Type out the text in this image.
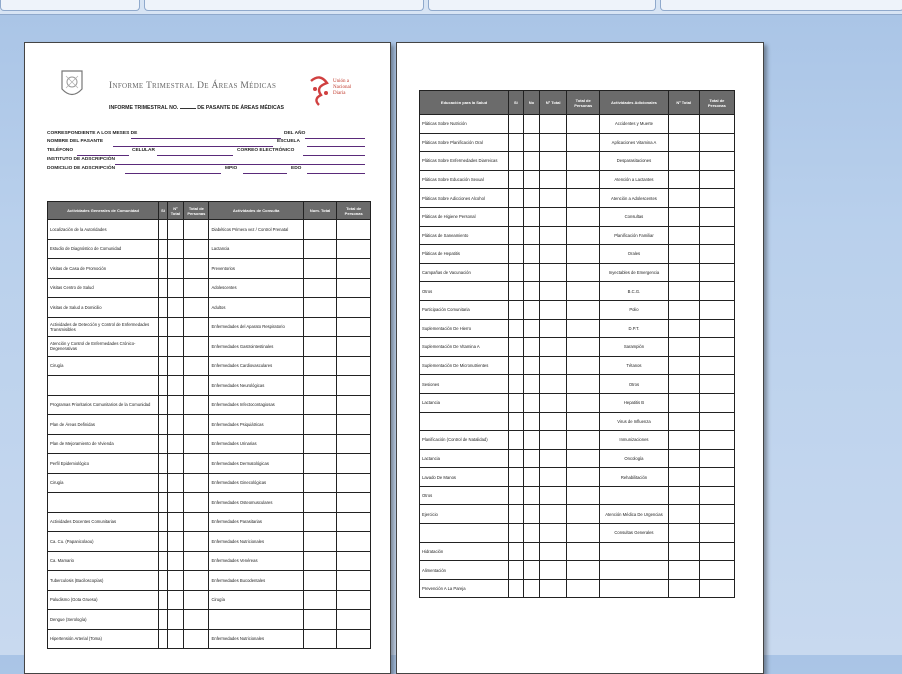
Informe Trimestral De Áreas Médicas	Unión a Nacional Diaria
INFORME TRIMESTRAL NO.	DE PASANTE DE ÁREAS MÉDICAS
CORRESPONDIENTE A LOS MESES DE	DEL AÑO
NOMBRE DEL PASANTE	ESCUELA
TELÉFONO	CELULAR	CORREO ELECTRÓNICO
INSTITUTO DE ADSCRIPCIÓN
DOMICILIO DE ADSCRIPCIÓN	MPIO	EDO
Actividades Generales de Comunidad	Si	Nº Total	Total de Personas	Actividades de Consulta	Num. Total	Total de Personas
Localización de la Autoridades				Diabéticos Primera vez / Control Prenatal		
Estudio de Diagnóstico de Comunidad				Lactancia		
Visitas de Casa de Promoción				Preventorios		
Visitas Centro de Salud				Adolescentes		
Visitas de Salud a Domicilio				Adultos		
Actividades de Detección y Control de Enfermedades Transmisibles				Enfermedades del Aparato Respiratorio		
Atención y Control de Enfermedades Crónico-Degenerativas				Enfermedades Gastrointestinales		
Cirugía				Enfermedades Cardiovasculares		
				Enfermedades Neurológicas		
Programas Prioritarios Comunitarios de la Comunidad				Enfermedades Infectocontagiosas		
Plan de Áreas Definidas				Enfermedades Psiquiátricas		
Plan de Mejoramiento de Vivienda				Enfermedades Urinarias		
Perfil Epidemiológico				Enfermedades Dermatológicas		
Cirugía				Enfermedades Ginecológicas		
				Enfermedades Osteomusculares		
Actividades Docentes Comunitarias				Enfermedades Parasitarias		
Ca. Cu. (Papanicolaou)				Enfermedades Nutricionales		
Ca. Mamario				Enfermedades Venéreas		
Tuberculosis (Baciloscopías)				Enfermedades Bucodentales		
Paludismo (Gota Gruesa)				Cirugía		
Dengue (Serología)						
Hipertensión Arterial (Toma)				Enfermedades Nutricionales		
Educación para la Salud	Si	No	Nº Total	Total de Personas	Actividades Adicionales	Nº Total	Total de Personas
Pláticas Sobre Nutrición					Accidentes y Muerte		
Pláticas Sobre Planificación Oral					Aplicaciones Vitamina A		
Pláticas Sobre Enfermedades Diarreicas					Desparasitaciones		
Pláticas Sobre Educación Sexual					Atención a Lactantes		
Pláticas Sobre Adicciones Alcohol					Atención a Adolescentes		
Pláticas de Higiene Personal					Consultas		
Pláticas de Saneamiento					Planificación Familiar		
Pláticas de Hepatitis					Orales		
Campañas de Vacunación					Inyectables de Emergencia		
Otros					B.C.G.		
Participación Comunitaria					Polio		
Suplementación De Hierro					D.P.T.		
Suplementación De Vitamina A					Sarampión		
Suplementación De Micronutrientes					Tétanos		
Sesiones					Otros		
Lactancia					Hepatitis B		
					Virus de Influenza		
Planificación (Control de Natalidad)					Inmunizaciones		
Lactancia					Oncología		
Lavado De Manos					Rehabilitación		
Otros							
Ejercicio					Atención Médica De Urgencias		
					Consultas Generales		
Hidratación							
Alimentación							
Prevención A La Pareja							
